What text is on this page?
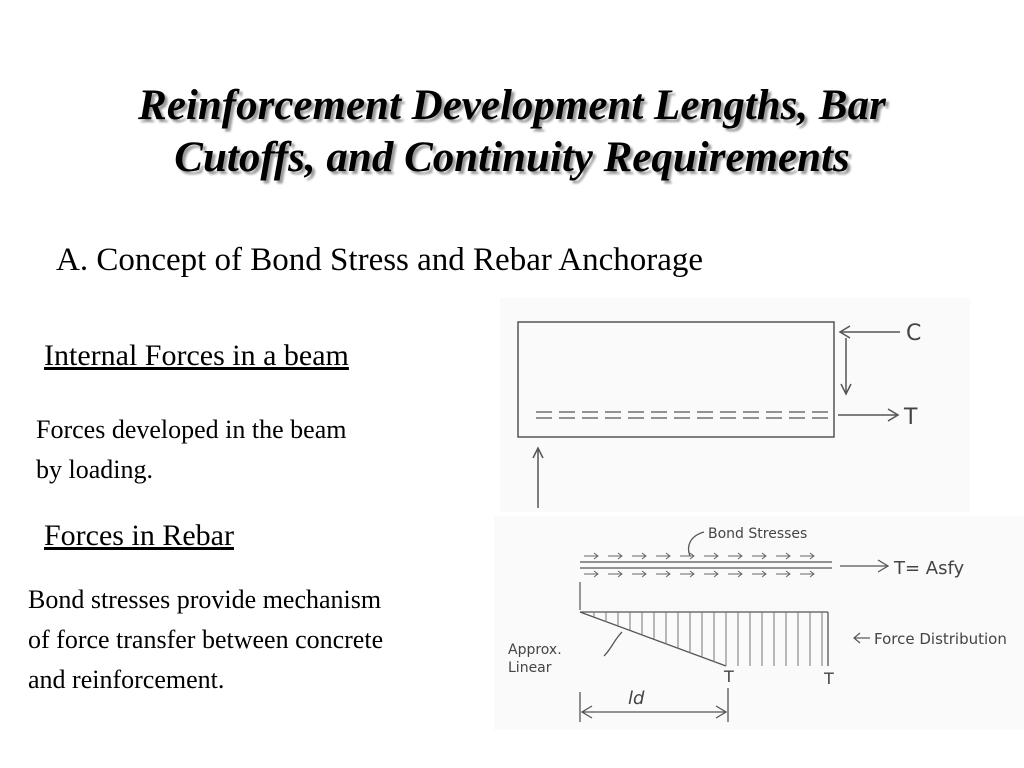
Reinforcement Development Lengths, Bar
Cutoffs, and Continuity Requirements
A. Concept of Bond Stress and Rebar Anchorage
Internal Forces in a beam
Forces developed in the beam
by loading.
Forces in Rebar
Bond stresses provide mechanism
of force transfer between concrete
and reinforcement.
C
T
Bond Stresses
T= Asfy
Approx.
Linear
Force Distribution
T	T
ld
